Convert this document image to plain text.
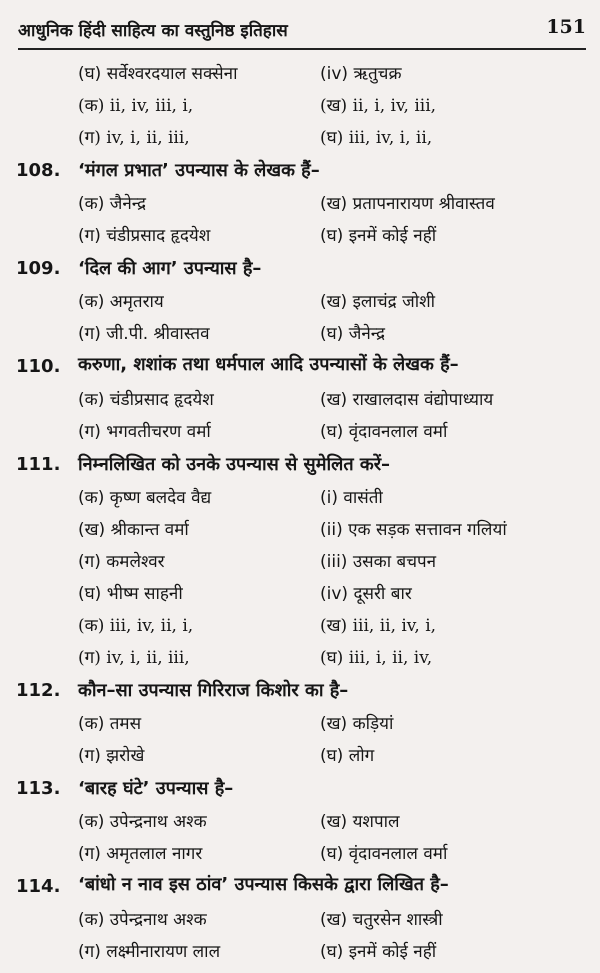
आधुनिक हिंदी साहित्य का वस्तुनिष्ठ इतिहास	151
(घ) सर्वेश्वरदयाल सक्सेना	(iv) ऋतुचक्र
(क) ii, iv, iii, i,	(ख) ii, i, iv, iii,
(ग) iv, i, ii, iii,	(घ) iii, iv, i, ii,
108. ‘मंगल प्रभात’ उपन्यास के लेखक हैं–
(क) जैनेन्द्र	(ख) प्रतापनारायण श्रीवास्तव
(ग) चंडीप्रसाद हृदयेश	(घ) इनमें कोई नहीं
109. ‘दिल की आग’ उपन्यास है–
(क) अमृतराय	(ख) इलाचंद्र जोशी
(ग) जी.पी. श्रीवास्तव	(घ) जैनेन्द्र
110. करुणा, शशांक तथा धर्मपाल आदि उपन्यासों के लेखक हैं–
(क) चंडीप्रसाद हृदयेश	(ख) राखालदास वंद्योपाध्याय
(ग) भगवतीचरण वर्मा	(घ) वृंदावनलाल वर्मा
111. निम्नलिखित को उनके उपन्यास से सुमेलित करें–
(क) कृष्ण बलदेव वैद्य	(i) वासंती
(ख) श्रीकान्त वर्मा	(ii) एक सड़क सत्तावन गलियां
(ग) कमलेश्वर	(iii) उसका बचपन
(घ) भीष्म साहनी	(iv) दूसरी बार
(क) iii, iv, ii, i,	(ख) iii, ii, iv, i,
(ग) iv, i, ii, iii,	(घ) iii, i, ii, iv,
112. कौन–सा उपन्यास गिरिराज किशोर का है–
(क) तमस	(ख) कड़ियां
(ग) झरोखे	(घ) लोग
113. ‘बारह घंटे’ उपन्यास है–
(क) उपेन्द्रनाथ अश्क	(ख) यशपाल
(ग) अमृतलाल नागर	(घ) वृंदावनलाल वर्मा
114. ‘बांधो न नाव इस ठांव’ उपन्यास किसके द्वारा लिखित है–
(क) उपेन्द्रनाथ अश्क	(ख) चतुरसेन शास्त्री
(ग) लक्ष्मीनारायण लाल	(घ) इनमें कोई नहीं
